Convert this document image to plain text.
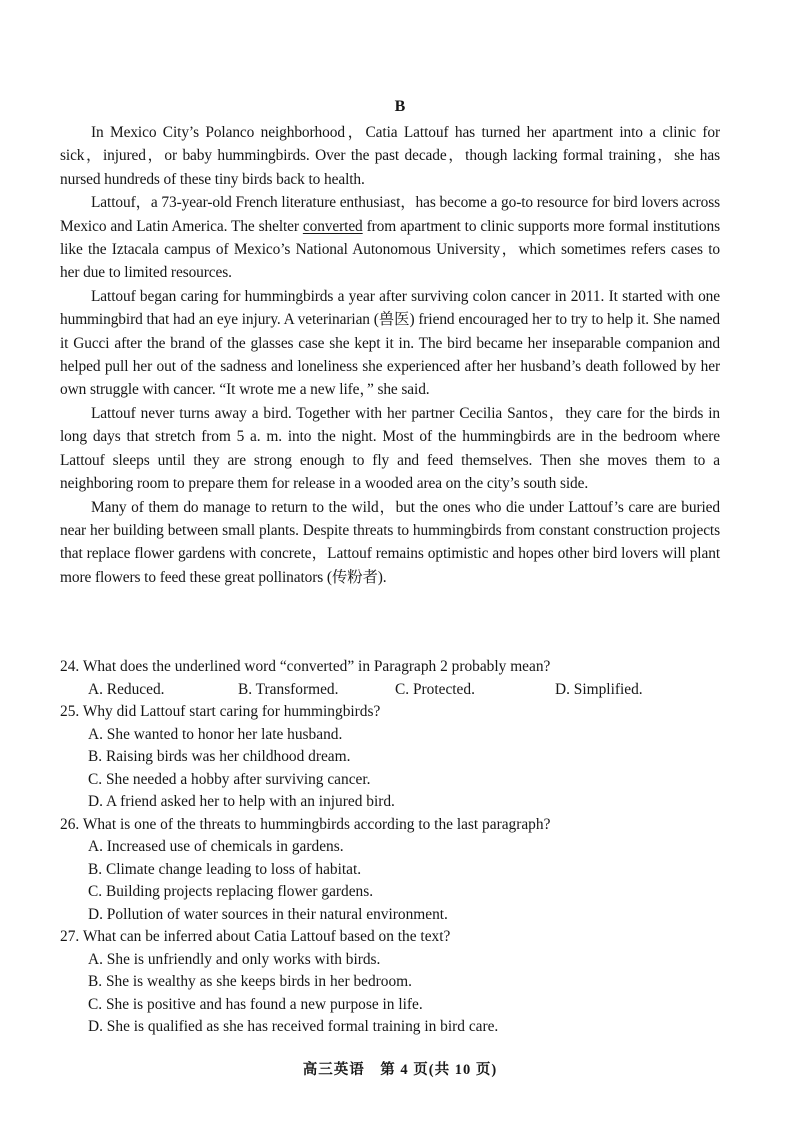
B

In Mexico City’s Polanco neighborhood，Catia Lattouf has turned her apartment into a clinic for sick，injured，or baby hummingbirds. Over the past decade，though lacking formal training，she has nursed hundreds of these tiny birds back to health.

Lattouf，a 73-year-old French literature enthusiast，has become a go-to resource for bird lovers across Mexico and Latin America. The shelter converted from apartment to clinic supports more formal institutions like the Iztacala campus of Mexico’s National Autonomous University，which sometimes refers cases to her due to limited resources.

Lattouf began caring for hummingbirds a year after surviving colon cancer in 2011. It started with one hummingbird that had an eye injury. A veterinarian (兽医) friend encouraged her to try to help it. She named it Gucci after the brand of the glasses case she kept it in. The bird became her inseparable companion and helped pull her out of the sadness and loneliness she experienced after her husband’s death followed by her own struggle with cancer. “It wrote me a new life，” she said.

Lattouf never turns away a bird. Together with her partner Cecilia Santos，they care for the birds in long days that stretch from 5 a. m. into the night. Most of the hummingbirds are in the bedroom where Lattouf sleeps until they are strong enough to fly and feed themselves. Then she moves them to a neighboring room to prepare them for release in a wooded area on the city’s south side.

Many of them do manage to return to the wild，but the ones who die under Lattouf’s care are buried near her building between small plants. Despite threats to hummingbirds from constant construction projects that replace flower gardens with concrete，Lattouf remains optimistic and hopes other bird lovers will plant more flowers to feed these great pollinators (传粉者).

24. What does the underlined word “converted” in Paragraph 2 probably mean?
A. Reduced.	B. Transformed.	C. Protected.	D. Simplified.
25. Why did Lattouf start caring for hummingbirds?
A. She wanted to honor her late husband.
B. Raising birds was her childhood dream.
C. She needed a hobby after surviving cancer.
D. A friend asked her to help with an injured bird.
26. What is one of the threats to hummingbirds according to the last paragraph?
A. Increased use of chemicals in gardens.
B. Climate change leading to loss of habitat.
C. Building projects replacing flower gardens.
D. Pollution of water sources in their natural environment.
27. What can be inferred about Catia Lattouf based on the text?
A. She is unfriendly and only works with birds.
B. She is wealthy as she keeps birds in her bedroom.
C. She is positive and has found a new purpose in life.
D. She is qualified as she has received formal training in bird care.
高三英语　第 4 页(共 10 页)
